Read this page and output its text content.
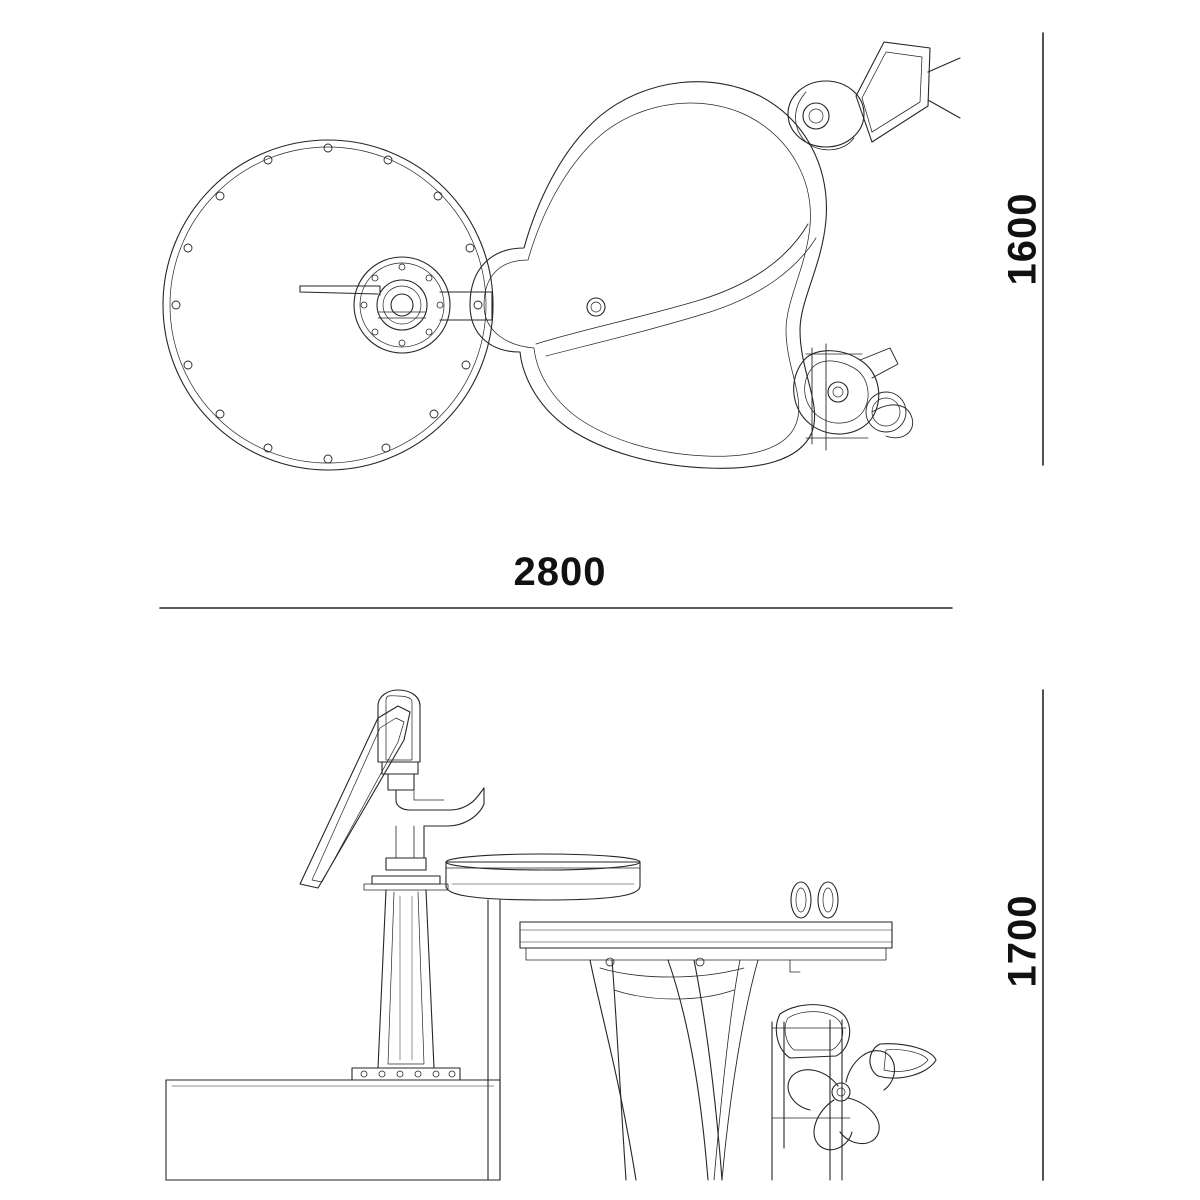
1600
2800
1700
